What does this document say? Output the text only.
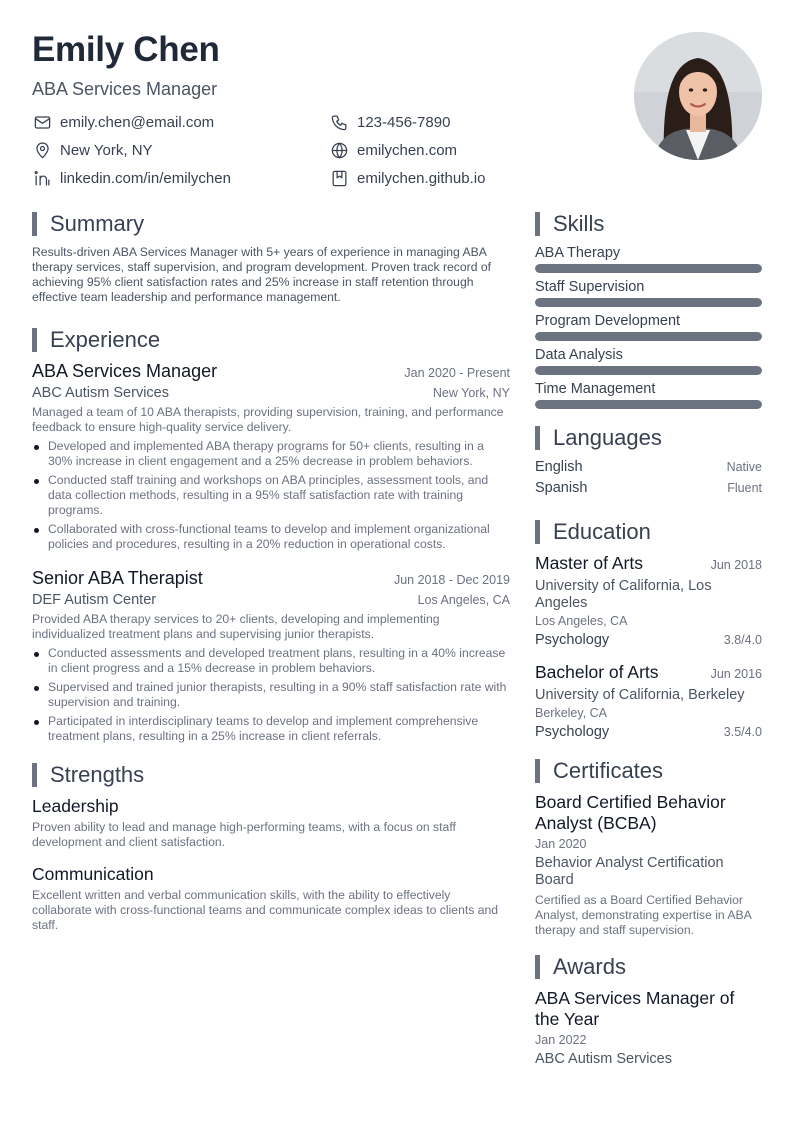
Emily Chen
ABA Services Manager
emily.chen@email.com	123-456-7890
New York, NY	emilychen.com
linkedin.com/in/emilychen	emilychen.github.io
Summary

Results-driven ABA Services Manager with 5+ years of experience in managing ABA therapy services, staff supervision, and program development. Proven track record of achieving 95% client satisfaction rates and 25% increase in staff retention through effective team leadership and performance management.

Experience
ABA Services Manager	Jan 2020 - Present
ABC Autism Services	New York, NY

Managed a team of 10 ABA therapists, providing supervision, training, and performance feedback to ensure high-quality service delivery.

Developed and implemented ABA therapy programs for 50+ clients, resulting in a 30% increase in client engagement and a 25% decrease in problem behaviors.
Conducted staff training and workshops on ABA principles, assessment tools, and data collection methods, resulting in a 95% staff satisfaction rate with training programs.
Collaborated with cross-functional teams to develop and implement organizational policies and procedures, resulting in a 20% reduction in operational costs.
Senior ABA Therapist	Jun 2018 - Dec 2019
DEF Autism Center	Los Angeles, CA

Provided ABA therapy services to 20+ clients, developing and implementing individualized treatment plans and supervising junior therapists.

Conducted assessments and developed treatment plans, resulting in a 40% increase in client progress and a 15% decrease in problem behaviors.
Supervised and trained junior therapists, resulting in a 90% staff satisfaction rate with supervision and training.
Participated in interdisciplinary teams to develop and implement comprehensive treatment plans, resulting in a 25% increase in client referrals.
Strengths
Leadership

Proven ability to lead and manage high-performing teams, with a focus on staff development and client satisfaction.

Communication

Excellent written and verbal communication skills, with the ability to effectively collaborate with cross-functional teams and communicate complex ideas to clients and staff.

Skills
ABA Therapy
Staff Supervision
Program Development
Data Analysis
Time Management
Languages
English	Native
Spanish	Fluent
Education
Master of Arts	Jun 2018
University of California, Los Angeles
Los Angeles, CA
Psychology	3.8/4.0
Bachelor of Arts	Jun 2016
University of California, Berkeley
Berkeley, CA
Psychology	3.5/4.0
Certificates
Board Certified Behavior Analyst (BCBA)
Jan 2020
Behavior Analyst Certification Board

Certified as a Board Certified Behavior Analyst, demonstrating expertise in ABA therapy and staff supervision.

Awards
ABA Services Manager of the Year
Jan 2022
ABC Autism Services
